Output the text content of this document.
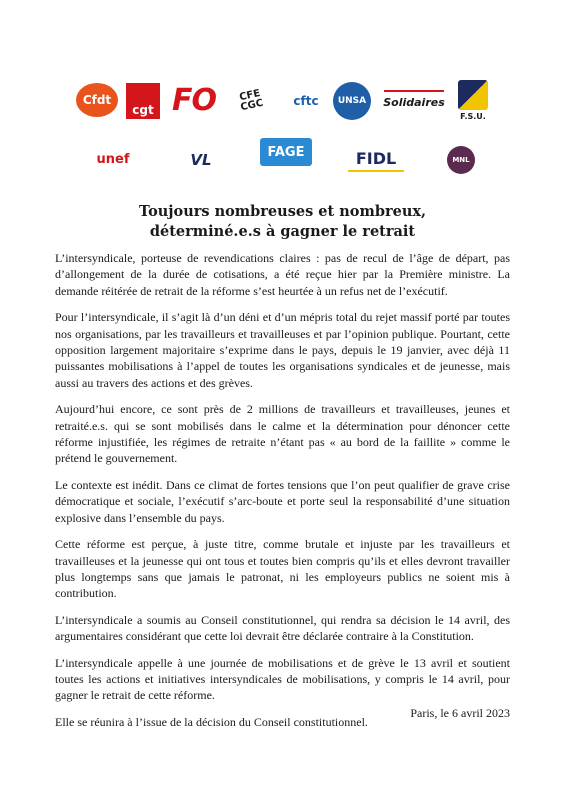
Cfdt
cgt FO	CFE CGC	cftc UNSA Solidaires
F.S.U.
unef	VL	FAGE	FIDL	MNL
Toujours nombreuses et nombreux,
déterminé.e.s à gagner le retrait

L’intersyndicale, porteuse de revendications claires : pas de recul de l’âge de départ, pas d’allongement de la durée de cotisations, a été reçue hier par la Première ministre. La demande réitérée de retrait de la réforme s’est heurtée à un refus net de l’exécutif.

Pour l’intersyndicale, il s’agit là d’un déni et d’un mépris total du rejet massif porté par toutes nos organisations, par les travailleurs et travailleuses et par l’opinion publique. Pourtant, cette opposition largement majoritaire s’exprime dans le pays, depuis le 19 janvier, avec déjà 11 puissantes mobilisations à l’appel de toutes les organisations syndicales et de jeunesse, mais aussi au travers des actions et des grèves.

Aujourd’hui encore, ce sont près de 2 millions de travailleurs et travailleuses, jeunes et retraité.e.s. qui se sont mobilisés dans le calme et la détermination pour dénoncer cette réforme injustifiée, les régimes de retraite n’étant pas « au bord de la faillite » comme le prétend le gouvernement.

Le contexte est inédit. Dans ce climat de fortes tensions que l’on peut qualifier de grave crise démocratique et sociale, l’exécutif s’arc-boute et porte seul la responsabilité d’une situation explosive dans l’ensemble du pays.

Cette réforme est perçue, à juste titre, comme brutale et injuste par les travailleurs et travailleuses et la jeunesse qui ont tous et toutes bien compris qu’ils et elles devront travailler plus longtemps sans que jamais le patronat, ni les employeurs publics ne soient mis à contribution.

L’intersyndicale a soumis au Conseil constitutionnel, qui rendra sa décision le 14 avril, des argumentaires considérant que cette loi devrait être déclarée contraire à la Constitution.

L’intersyndicale appelle à une journée de mobilisations et de grève le 13 avril et soutient toutes les actions et initiatives intersyndicales de mobilisations, y compris le 14 avril, pour gagner le retrait de cette réforme.

Elle se réunira à l’issue de la décision du Conseil constitutionnel.

Paris, le 6 avril 2023
